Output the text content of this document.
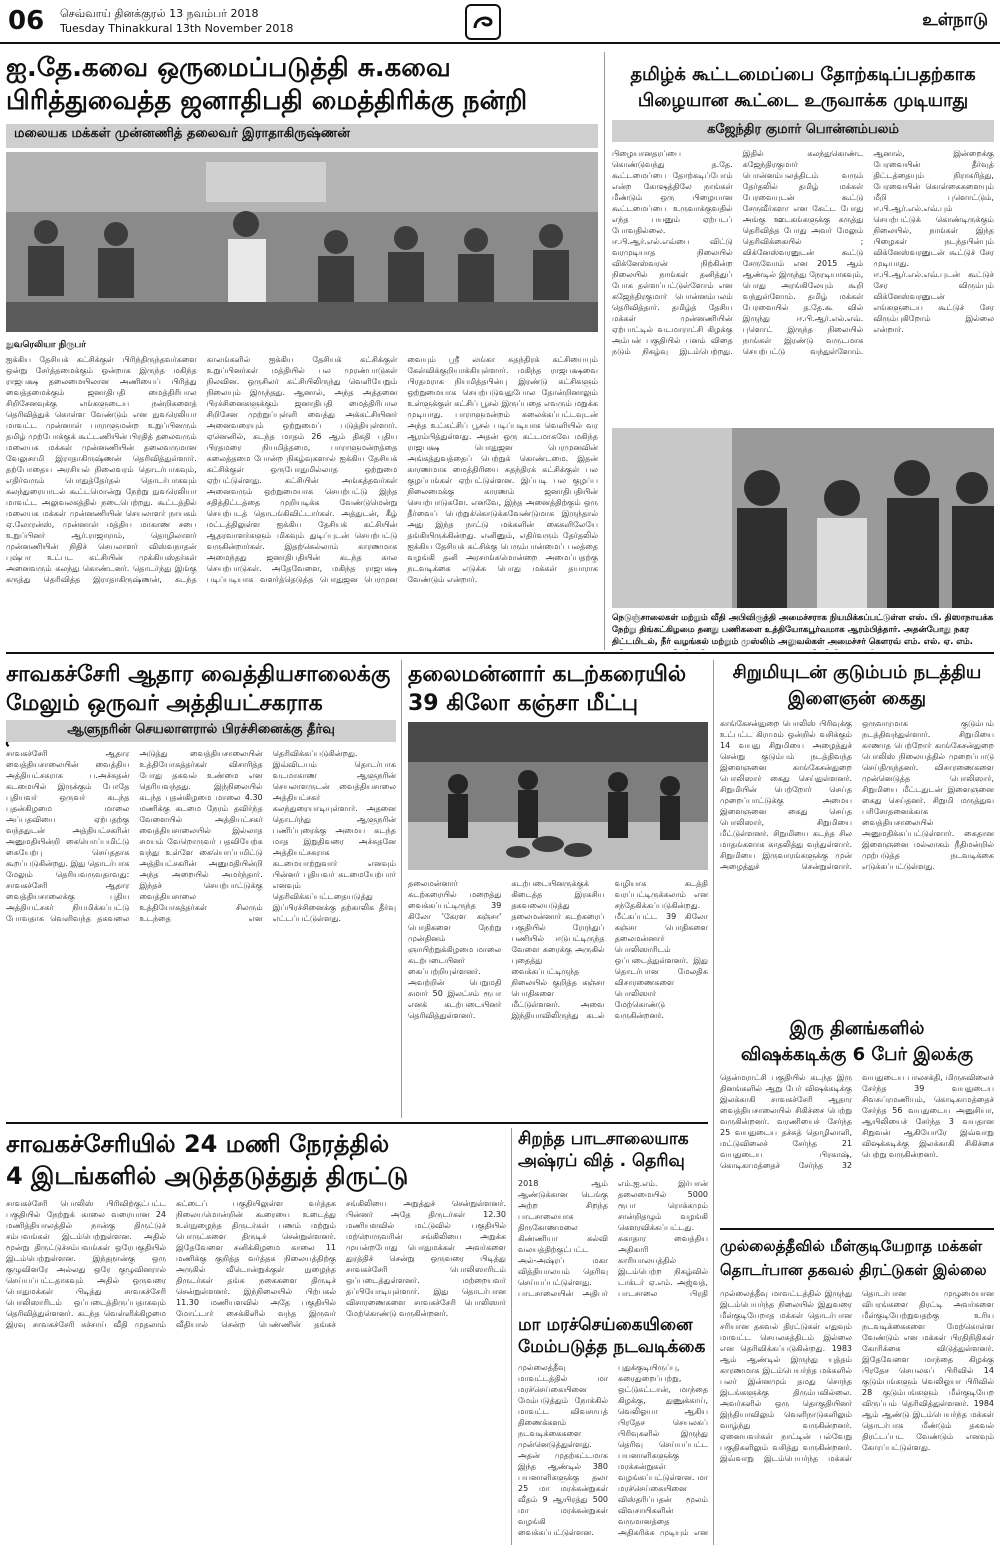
06 செவ்வாய் தினக்குரல் 13 நவம்பர் 2018
Tuesday Thinakkural 13th November 2018	உள்நாடு
ஐ.தே.கவை ஒருமைப்படுத்தி சு.கவை
பிரித்துவைத்த ஜனாதிபதி மைத்திரிக்கு நன்றி
மலையக மக்கள் முன்னணித் தலைவர் இராதாகிருஷ்ணன்
நுவரெலியா நிருபர்
ஐக்கிய தேசியக் கட்சிக்குள் பிரிந்திருந்தவர்களை ஒன்று சேர்த்தமைக்கும் ஒன்றாக இருந்த மகிந்த ராஜபக்ஷ தலைமையிலான அணியைப் பிரித்து வைத்தமைக்கும் ஜனாதிபதி மைத்திரிபால சிறிசேனவுக்கு எங்களுடைய நன்றிகளைத் தெரிவித்துக் கொள்ள வேண்டும் என நுவரெலியா மாவட்ட முன்னாள் பாராளுமன்ற உறுப்பினரும் தமிழ் முற்போக்குக் கூட்டணியின் பிரதித் தலைவரும் மலையக மக்கள் முன்னணியின் தலைவருமான வேலுசாமி இராதாகிருஷ்ணன் தெரிவித்துள்ளார். தற்போதைய அரசியல் நிலைவரம் தொடர்பாகவும், எதிர்வரும் பொதுத்தேர்தல் தொடர்பாகவும் கலந்துரையாடல் கூட்டமொன்று நேற்று நுவரெலியா மாவட்ட அலுவலகத்தில் நடைபெற்றது. கூட்டத்தில் மலையக மக்கள் முன்னணியின் செயலாளர் நாயகம் ஏ.லோரன்ஸ், முன்னாள் மத்திய மாகாண சபை உறுப்பினர் ஆர்.ராஜாராம், தொழிலாளர் முன்னணியின் நிதிச் செயலாளர் விஸ்வநாதன் புஷ்பா உட்பட கட்சியின் முக்கியஸ்தர்கள் அனைவரும் கலந்து கொண்டனர். தொடர்ந்து இங்கு கருத்து தெரிவித்த இராதாகிருஷ்ணன், கடந்த காலங்களில் ஐக்கிய தேசியக் கட்சிக்குள் உறுப்பினர்கள் மத்தியில் பல முரண்பாடுகள் நிலவின. ஒருசிலர் கட்சியிலிருந்து வெளியேறும் நிலையும் இருந்தது. ஆனால், அந்த அத்தனை பிரச்சினைகளுக்கும் ஜனாதிபதி மைத்திரிபால சிறிசேன முற்றுப்புள்ளி வைத்து அக்கட்சியினர் அனைவரையும் ஒற்றுமைப் படுத்தியுள்ளார். ஏனெனில், கடந்த மாதம் 26 ஆம் திகதி புதிய பிரதமரை நியமித்தமை, பாராளுமன்றத்தை கலைத்தமை போன்ற நிகழ்வுகளால் ஐக்கிய தேசியக் கட்சிக்குள் ஒருபோதுமில்லாத ஒற்றுமை ஏற்பட்டுள்ளது. கட்சியின் அங்கத்தவர்கள் அனைவரும் ஒற்றுமையாக செயற்பட்டு இந்த சதித்திட்டத்தை முறியடிக்க வேண்டுமென்று செயற்படத் தொடங்கிவிட்டார்கள். அத்துடன், கீழ் மட்டத்திலுள்ள ஐக்கிய தேசியக் கட்சியின் ஆதரவாளர்களும் மிகவும் துடிப்புடன் செயற்பட்டு வருகின்றார்கள். இதற்கெல்லாம் காரணமாக அமைந்தது ஜனாதிபதியின் கடந்த கால செயற்பாடுகள். அதேவேளை, மகிந்த ராஜபக்ஷ படிப்படியாக வளர்த்தெடுத்த பொதுஜன பெரமுன வையும் ஸ்ரீ லங்கா சுதந்திரக் கட்சியையும் கேள்விக்குறியாக்கியுள்ளார். மகிந்த ராஜபக்ஷவை பிரதமராக நியமித்தபின்பு இரண்டு கட்சிகளும் ஒற்றுமையாக செயற்படுவதுபோல தோன்றினாலும் உள்ளுக்குள் கட்சிப் பூசல் இருப்பதை எவரும் மறுக்க முடியாது. பாராளுமன்றம் கலைக்கப்பட்டவுடன் அந்த உட்கட்சிப் பூசல் படிப்படியாக வெளியில் வர ஆரம்பித்துள்ளது. அதன் ஒரு கட்டமாகவே மகிந்த ராஜபக்ஷ பொதுஜன பெரமுனவின் அங்கத்துவத்தைப் பெற்றுக் கொண்டமை. இதன் காரணமாக மைத்திரியை சுதந்திரக் கட்சிக்குள் பல குழப்பங்கள் ஏற்பட்டுள்ளன. இப்படி பல குழப்ப நிலைமைக்கு காரணம் ஜனாதிபதியின் செயற்பாடுகளே. எனவே, இந்த அனைத்திற்கும் ஒரு தீர்வைப் பெற்றுக்கொடுக்கவேண்டுமாக இருந்தால் அது இந்த நாட்டு மக்களின் கைகளிலேயே தங்கியிருக்கின்றது. எனினும், எதிர்வரும் தேர்தலில் ஐக்கிய தேசியக் கட்சிக்கு பெரும்பான்மைப் பலத்தை வழங்கி தனி அரசாங்கமொன்றை அமைப்பதற்கு நடவடிக்கை எடுக்க பொது மக்கள் தயாராக வேண்டும் என்றார்.
தமிழ்க் கூட்டமைப்பை தோற்கடிப்பதற்காக
பிழையான கூட்டை உருவாக்க முடியாது
கஜேந்திர குமார் பொன்னம்பலம்
பிழையானதரப்பை கொண்டுவந்து த.தே. கூட்டமைப்பை தோற்கடிப்போம் என்ற கோஷத்திலே நாங்கள் மீண்டும் ஒரு பிழையான கூட்டமைப்பை உருவாக்குவதில் எந்த பயனும் ஏற்படப் போவதில்லை. ஈ.பி.ஆர்.எல்.எவ்பை விட்டு வரமுடியாத நிலையில் விக்னேஸ்வரன் நிற்கின்ற நிலையில் நாங்கள் தனித்துப் போக தள்ளப்பட்டுள்ளோம் என கஜேந்திரகுமார் பொன்னம்பலம் தெரிவித்தார். தமிழ்த் தேசிய மக்கள் முன்னணியின் ஏற்பாட்டில் வடமாராட்சி கிழக்கு அம்பன் பகுதியில் பனம் விதை நடும் நிகழ்வு இடம்பெற்றது. இதில் கலந்துகொண்ட கஜேந்திரகுமார் பொன்னம்பலத்திடம் வரும் தேர்தலில் தமிழ் மக்கள் பேரவையுடன் கூட்டு சேருவீர்களா என கேட்ட போது அங்கு ஊடகங்களுக்கு கருத்து தெரிவித்த போது அவர் மேலும் தெரிவிக்கையில் ; விக்னேஸ்வரனுடன் கூட்டு சேருவோம் என 2015 ஆம் ஆண்டில் இருந்து நேரடியாகவும், பொது அரங்கிலேயும் கூறி வந்துள்ளோம். தமிழ் மக்கள் பேரவையில் த.தே.கூ வில் இருந்து ஈ.பி.ஆர்.எல்.எவ். புளொட் இருந்த நிலையில் நாங்கள் இரண்டு வருடமாக செயற்பட்டு வந்துள்ளோம். ஆனால், இன்றைக்கு பேரவையின் தீர்வுத் திட்டத்தையும் நிராகரித்து, பேரவையின் கொள்கைகளையும் மீறி புளொட்டும், ஈ.பி.ஆர்.எல்.எவ்.பும் செயற்பட்டுக் கொண்டிருக்கும் நிலையில், நாங்கள் இந்த பிழைகள் நடந்தபின்பும் விக்னேஸ்வரனுடன் கூட்டுச் சேர முடியாது. ஈ.பி.ஆர்.எல்.எவ்.புடன் கூட்டுச் சேர விரும்பும் விக்னேஸ்வரனுடன் எங்களுடைய கூட்டுச் சேர விரும்புகிறோம் இல்லை என்றார்.
நெடுஞ்சாலைகள் மற்றும் வீதி அபிவிருத்தி அமைச்சராக நியமிக்கப்பட்டுள்ள எஸ். பி. திஸாநாயக்க நேற்று திங்கட்கிழமை தனது பணிகளை உத்தியோகபூர்வமாக ஆரம்பித்தார். அதன்போது நகர திட்டமிடல், நீர் வழங்கல் மற்றும் முஸ்லிம் அலுவல்கள் அமைச்சர் கௌரவ் எம். எல். ஏ. எம்.
சாவகச்சேரி ஆதார வைத்தியசாலைக்கு
மேலும் ஒருவர் அத்தியட்சகராக
ஆளுநரின் செயலாளரால் பிரச்சினைக்கு தீர்வு
சாவகச்சேரி ஆதார வைத்தியசாலையின் வைத்திய அத்தியட்சகராக ப.அச்சுதன் கடமையில் இருக்கும் போதே புதியவர் ஒருவர் கடந்த புதன்கிழமை மாலை அப்பதவியை ஏற்பதற்கு வந்ததுடன் அத்தியட்சகரின் அனுமதியின்றி கையொப்பமிட்டு கையேற்பு செய்ததாக கூறப்படுகின்றது. இது தொடர்பாக மேலும் தெரியவருவதாவது: சாவகச்சேரி ஆதார வைத்தியசாலைக்கு புதிய அத்தியட்சகர் நியமிக்கப்பட்டு போவதாக வெளிவந்த தகவலை அடுத்து வைத்தியசாலையின் உத்தியோகத்தர்கள் விசாரித்த போது தகவல் உண்மை என தெரியவந்தது. இந்நிலையில் கடந்த புதன்கிழமை மாலை 4.30 மணிக்கு கடமை நேரம் தவிர்ந்த வேளையில் அத்தியட்சகர் வைத்தியசாலையில் இல்லாத சமயம் வேறொருவர் பதவியேற்க வந்து உள்ளே கையொப்பமிட்டு அத்தியட்சகரின் அனுமதியின்றி அந்த அறையில் அமர்ந்தார். இந்தச் செயற்பாட்டுக்கு வைத்தியசாலை உத்தியோகத்தர்கள் சிலரும் உடந்தை என தெரிவிக்கப்படுகின்றது. இவ்விடயம் தொடர்பாக வடமாகாண ஆளுநரின் செயலாளருடன் வைத்தியசாலை அத்தியட்சகர் கலந்துரையாடியுள்ளார். அதனை தொடர்ந்து ஆளுநரின் பணிப்புரைக்கு அமைய கடந்த மாத இறுதிவரை அச்சுதனே அத்தியட்சகராக கடமையாற்றுவார் எனவும் பின்னர் புதியவர் கடமையேற்பார் எனவும் தெரிவிக்கப்பட்டதையடுத்து இப்பிரச்சினைக்கு தற்காலிக தீர்வு எட்டப்பட்டுள்ளது.
தலைமன்னார் கடற்கரையில்
39 கிலோ கஞ்சா மீட்பு
தலைமன்னார் கடற்கரையில் மறைத்து வைக்கப்பட்டிருந்த 39 கிலோ 'கேரள கஞ்சா' பொதிகளை நேற்று முன்தினம் ஞாயிற்றுக்கிழமை மாலை கடற்படையினர் கைப்பற்றியுள்ளனர். அவற்றின் பெறுமதி சுமார் 50 இலட்சம் ரூபா எனக் கடற்படையினர் தெரிவித்துள்ளனர். கடற்படையினருக்குக் கிடைத்த இரகசிய தகவலையடுத்து தலைமன்னார் கடற்கரைப் பகுதியில் ரோந்துப் பணியில் ஈடுபட்டிருந்த வேளை கரைக்கு அருகில் புதைத்து வைக்கப்பட்டிருந்த நிலையில் குறித்த கஞ்சா பொதிகளை மீட்டுள்ளனர். அவை இந்தியாவிலிருந்து கடல் வழியாக கடத்தி வரப்பட்டிருக்கலாம் என சந்தேகிக்கப்படுகின்றது. மீட்கப்பட்ட 39 கிலோ கஞ்சா பொதிகளை தலைமன்னார் பொலிஸாரிடம் ஒப்படைத்துள்ளனர். இது தொடர்பான மேலதிக விசாரணைகளை பொலிஸார் மேற்கொண்டு வருகின்றனர்.
சிறுமியுடன் குடும்பம் நடத்திய
இளைஞன் கைது
காங்கேசன்துறை பொலிஸ் பிரிவுக்கு உட்பட்ட கிராமம் ஒன்றில் வசிக்கும் 14 வயது சிறுமியை அழைத்துச் சென்று குடும்பம் நடத்திவந்த இளைஞனை காங்கேசன்துறை பொலிஸார் கைது செய்துள்ளனர். சிறுமியின் பெற்றோர் செய்த முறைப்பாட்டுக்கு அமைய இளைஞனை கைது செய்த பொலிஸார், சிறுமியை மீட்டுள்ளனர். சிறுமியை கடந்த சில மாதங்களாக காதலித்து வந்துள்ளார். சிறுமியை இருவாரங்களுக்கு முன் அழைத்துச் சென்றுள்ளார். ஒருவாரமாக குடும்பம் நடத்திவந்துள்ளார். சிறுமியை காணாத பெற்றோர் காங்கேசன்துறை பொலிஸ் நிலையத்தில் முறைப்பாடு செய்திருந்தனர். விசாரணைகளை முன்னெடுத்த பொலிஸார், சிறுமியை மீட்டதுடன் இளைஞனை கைது செய்தனர். சிறுமி மருத்துவ பரிசோதனைக்காக வைத்தியசாலையில் அனுமதிக்கப்பட்டுள்ளார். கைதான இளைஞனை மல்லாகம் நீதிமன்றில் முற்படுத்த நடவடிக்கை எடுக்கப்பட்டுள்ளது.
இரு தினங்களில்
விஷக்கடிக்கு 6 பேர் இலக்கு
தென்மராட்சி பகுதியில் கடந்த இரு தினங்களில் ஆறு பேர் விஷக்கடிக்கு இலக்காகி சாவகச்சேரி ஆதார வைத்தியசாலையில் சிகிச்சை பெற்று வருகின்றனர். வரணியைச் சேர்ந்த 25 வயதுடைய தச்சுத் தொழிலாளி, மட்டுவிலைச் சேர்ந்த 21 வயதுடைய பிரகாஷ், கொடிகாமத்தைச் சேர்ந்த 32 வயதுடைய பாலசக்தி, மிருசுவிலைச் சேர்ந்த 39 வயதுடைய சிவசுப்ரமணியம், கொடிகாமத்தைச் சேர்ந்த 56 வயதுடைய அனுசியா, ஆயிலியைச் சேர்ந்த 3 வயதான சிறுவன் ஆகியோரே இவ்வாறு விஷக்கடிக்கு இலக்காகி சிகிச்சை பெற்று வருகின்றனர்.
சாவகச்சேரியில் 24 மணி நேரத்தில்
4 இடங்களில் அடுத்தடுத்துத் திருட்டு
சாவகச்சேரி பொலிஸ் பிரிவிற்குட்பட்ட பகுதியில் நேற்றுக் காலை வரையான 24 மணித்தியாலத்தில் நான்கு திருட்டுச் சம்பவங்கள் இடம்பெற்றுள்ளன. அதில் மூன்று திருட்டுச்சம்பவங்கள் ஒரேபகுதியில் இடம்பெற்றுள்ளன. இந்தநான்கு ஒரு குழுவினரே அல்லது ஒரே குழுவினரால் செய்யப்பட்டதாகவும் அதில் ஒருவரை பொதுமக்கள் பிடித்து சாவகச்சேரி பொலிஸாரிடம் ஒப்படைத்திருப்பதாகவும் தெரிவித்துள்ளனர். கடந்த வெள்ளிக்கிழமை இரவு சாவகச்சேரி சுச்சாய் வீதி முதலாம் கட்டைப் பகுதியிலுள்ள வர்த்தக நிலையமொன்றின் கூரையை உடைத்து உள்நுழைந்த திருடர்கள் பணம் மற்றும் பொருட்களை திருடிச் சென்றுள்ளனர். இதேவேளை சனிக்கிழமை காலை 11 மணிக்கு குறித்த வர்த்தக நிலையத்திற்கு அருகில் வீடொன்றுக்குள் நுழைந்த திருடர்கள் தங்க நகைகளை திருடிச் சென்றுள்ளனர். இந்நிலையில் பிற்பகல் 11.30 மணியளவில் அதே பகுதியில் மோட்டார் சைக்கிளில் வந்த இருவர் வீதியால் சென்ற பெண்ணின் தங்கச் சங்கிலியை அறுத்துச் சென்றுள்ளனர். பின்னர் அதே திருடர்கள் 12.30 மணியளவில் மட்டுவில் பகுதியில் மற்றொருவரின் சங்கிலியை அறுக்க முயன்றபோது பொதுமக்கள் அவர்களை துரத்திச் சென்று ஒருவரை பிடித்து சாவகச்சேரி பொலிஸாரிடம் ஒப்படைத்துள்ளனர். மற்றையவர் தப்பியோடியுள்ளார். இது தொடர்பான விசாரணைகளை சாவகச்சேரி பொலிஸார் மேற்கொண்டு வருகின்றனர்.
சிறந்த பாடசாலையாக
அஷ்ரப் வித் . தெரிவு
2018 ஆம் ஆண்டுக்கான டெங்கு அற்ற சிறந்த பாடசாலையாக திருகோணமலை கிண்ணியா கல்வி வலயத்திற்குட்பட்ட அல்-அஷ்ரப் மகா வித்தியாலயம் தெரிவு செய்யப்பட்டுள்ளது. பாடசாலையின் அதிபர் எம்.ஐ.எம். இர்பான் தலைமையில் 5000 ரூபா ரொக்கமும் சான்றிதழும் வழங்கி கௌரவிக்கப்பட்டது. சுகாதார வைத்திய அதிகாரி காரியாலயத்தில் இடம்பெற்ற நிகழ்வில் டாக்டர் ஏ.எம். அஜ்வத், பாடசாலை பிரதி
மா மரச்செய்கையினை
மேம்படுத்த நடவடிக்கை
முல்லைத்தீவு மாவட்டத்தில் மா மரச்செய்கையினை மேம்படுத்தும் நோக்கில் மாவட்ட விவசாயத் திணைக்களம் நடவடிக்கைகளை முன்னெடுத்துள்ளது. அதன் முதற்கட்டமாக இந்த ஆண்டில் 380 பயனாளிகளுக்கு தலா 25 மா மரக்கன்றுகள் வீதம் 9 ஆயிரத்து 500 மா மரக்கன்றுகள் வழங்கி வைக்கப்பட்டுள்ளன. புதுக்குடியிருப்பு, கரைதுறைப்பற்று, ஒட்டுசுட்டான், மாந்தை கிழக்கு, துணுக்காய், வெலிஓயா ஆகிய பிரதேச செயலகப் பிரிவுகளில் இருந்து தெரிவு செய்யப்பட்ட பயனாளிகளுக்கு மரக்கன்றுகள் வழங்கப்பட்டுள்ளன. மா மரச்செய்கையினை விஸ்தரிப்பதன் மூலம் விவசாயிகளின் வருமானத்தை அதிகரிக்க முடியும் என
முல்லைத்தீவில் மீள்குடியேறாத மக்கள்
தொடர்பான தகவல் திரட்டுகள் இல்லை
முல்லைத்தீவு மாவட்டத்தில் இருந்து இடம்பெயர்ந்த நிலையில் இதுவரை மீள்குடியேறாத மக்கள் தொடர்பான சரியான தகவல் திரட்டுகள் எதுவும் மாவட்ட செயலகத்திடம் இல்லை என தெரிவிக்கப்படுகின்றது. 1983 ஆம் ஆண்டில் இருந்து யுத்தம் காரணமாக இடம்பெயர்ந்த மக்களில் பலர் இன்னமும் தமது சொந்த இடங்களுக்கு திரும்பவில்லை. அவர்களில் ஒரு தொகுதியினர் இந்தியாவிலும் வெளிநாடுகளிலும் வாழ்ந்து வருகின்றனர். ஏனையவர்கள் நாட்டின் பல்வேறு பகுதிகளிலும் வசித்து வருகின்றனர். இவ்வாறு இடம்பெயர்ந்த மக்கள் தொடர்பான முழுமையான விபரங்களை திரட்டி அவர்களை மீள்குடியேற்றுவதற்கு உரிய நடவடிக்கைகளை மேற்கொள்ள வேண்டும் என மக்கள் பிரதிநிதிகள் கோரிக்கை விடுத்துள்ளனர். இதேவேளை மாந்தை கிழக்கு பிரதேச செயலகப் பிரிவில் 14 குடும்பங்களும் வெலிஓயா பிரிவில் 28 குடும்பங்களும் மீள்குடியேற விருப்பம் தெரிவித்துள்ளனர். 1984 ஆம் ஆண்டு இடம்பெயர்ந்த மக்கள் தொடர்பாக மீண்டும் தகவல் திரட்டப்பட வேண்டும் எனவும் கோரப்பட்டுள்ளது.
